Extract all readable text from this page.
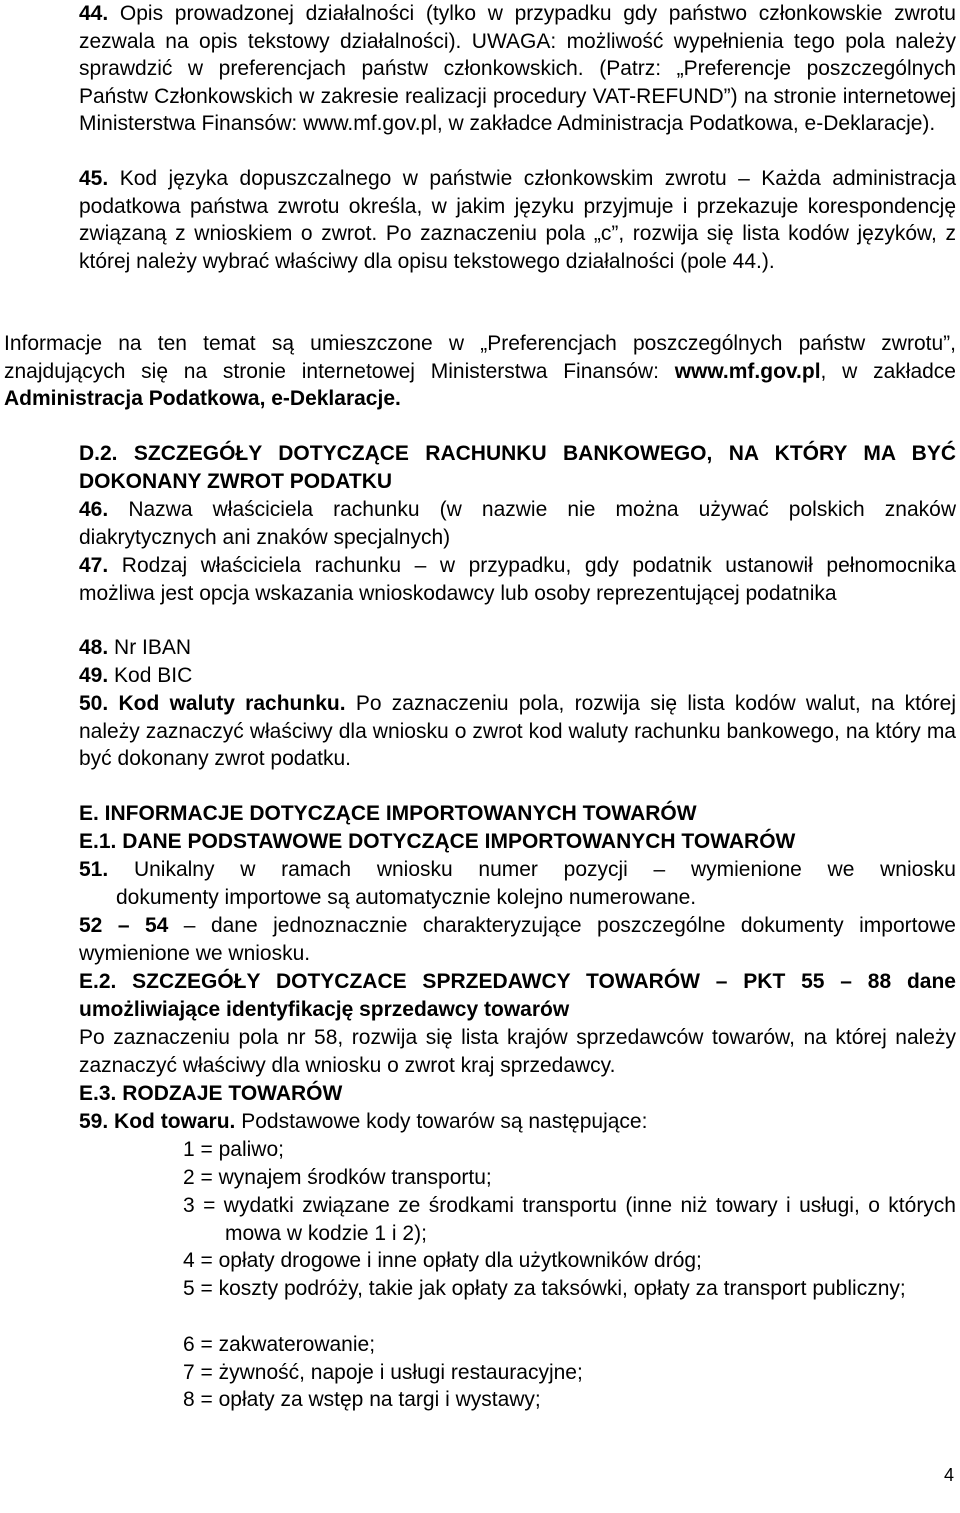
44. Opis prowadzonej działalności (tylko w przypadku gdy państwo członkowskie zwrotu zezwala na opis tekstowy działalności). UWAGA: możliwość wypełnienia tego pola należy sprawdzić w preferencjach państw członkowskich. (Patrz: „Preferencje poszczególnych Państw Członkowskich w zakresie realizacji procedury VAT-REFUND”) na stronie internetowej Ministerstwa Finansów: www.mf.gov.pl, w zakładce Administracja Podatkowa, e-Deklaracje).

45. Kod języka dopuszczalnego w państwie członkowskim zwrotu – Każda administracja podatkowa państwa zwrotu określa, w jakim języku przyjmuje i przekazuje korespondencję związaną z wnioskiem o zwrot. Po zaznaczeniu pola „c”, rozwija się lista kodów języków, z której należy wybrać właściwy dla opisu tekstowego działalności (pole 44.).

Informacje na ten temat są umieszczone w „Preferencjach poszczególnych państw zwrotu”, znajdujących się na stronie internetowej Ministerstwa Finansów: www.mf.gov.pl, w zakładce Administracja Podatkowa, e-Deklaracje.

D.2. SZCZEGÓŁY DOTYCZĄCE RACHUNKU BANKOWEGO, NA KTÓRY MA BYĆ DOKONANY ZWROT PODATKU

46. Nazwa właściciela rachunku (w nazwie nie można używać polskich znaków diakrytycznych ani znaków specjalnych)

47. Rodzaj właściciela rachunku – w przypadku, gdy podatnik ustanowił pełnomocnika możliwa jest opcja wskazania wnioskodawcy lub osoby reprezentującej podatnika

48. Nr IBAN

49. Kod BIC

50. Kod waluty rachunku. Po zaznaczeniu pola, rozwija się lista kodów walut, na której należy zaznaczyć właściwy dla wniosku o zwrot kod waluty rachunku bankowego, na który ma być dokonany zwrot podatku.

E. INFORMACJE DOTYCZĄCE IMPORTOWANYCH TOWARÓW

E.1. DANE PODSTAWOWE DOTYCZĄCE IMPORTOWANYCH TOWARÓW

51. Unikalny w ramach wniosku numer pozycji – wymienione we wniosku

dokumenty importowe są automatycznie kolejno numerowane.

52 – 54 – dane jednoznacznie charakteryzujące poszczególne dokumenty importowe wymienione we wniosku.

E.2. SZCZEGÓŁY DOTYCZACE SPRZEDAWCY TOWARÓW – PKT 55 – 88 dane umożliwiające identyfikację sprzedawcy towarów

Po zaznaczeniu pola nr 58, rozwija się lista krajów sprzedawców towarów, na której należy zaznaczyć właściwy dla wniosku o zwrot kraj sprzedawcy.

E.3. RODZAJE TOWARÓW

59. Kod towaru. Podstawowe kody towarów są następujące:

1 = paliwo;

2 = wynajem środków transportu;

3 = wydatki związane ze środkami transportu (inne niż towary i usługi, o których mowa w kodzie 1 i 2);

4 = opłaty drogowe i inne opłaty dla użytkowników dróg;

5 = koszty podróży, takie jak opłaty za taksówki, opłaty za transport publiczny;

6 = zakwaterowanie;

7 = żywność, napoje i usługi restauracyjne;

8 = opłaty za wstęp na targi i wystawy;

4
